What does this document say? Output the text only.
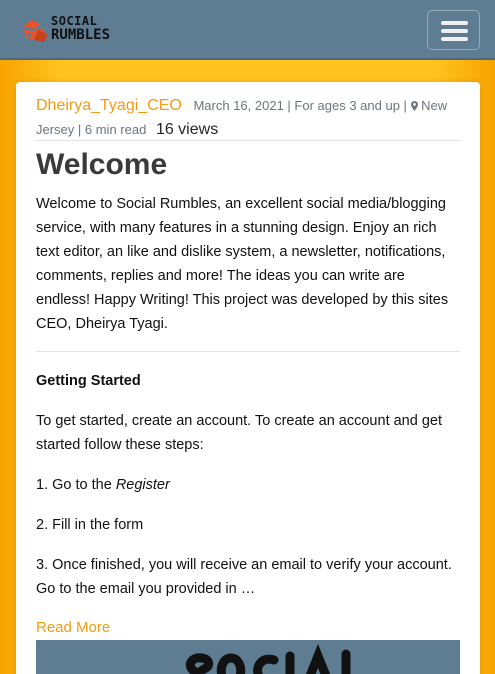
SOCIAL
RUMBLES
Dheirya_Tyagi_CEO March 16, 2021 | For ages 3 and up | New Jersey | 6 min read 16 views
Welcome

Welcome to Social Rumbles, an excellent social media/blogging service, with many features in a stunning design. Enjoy an rich text editor, an like and dislike system, a newsletter, notifications, comments, replies and more! The ideas you can write are endless! Happy Writing! This project was developed by this sites CEO, Dheirya Tyagi.

Getting Started

To get started, create an account. To create an account and get started follow these steps:

1. Go to the Register

2. Fill in the form

3. Once finished, you will receive an email to verify your account. Go to the email you provided in …

Read More
